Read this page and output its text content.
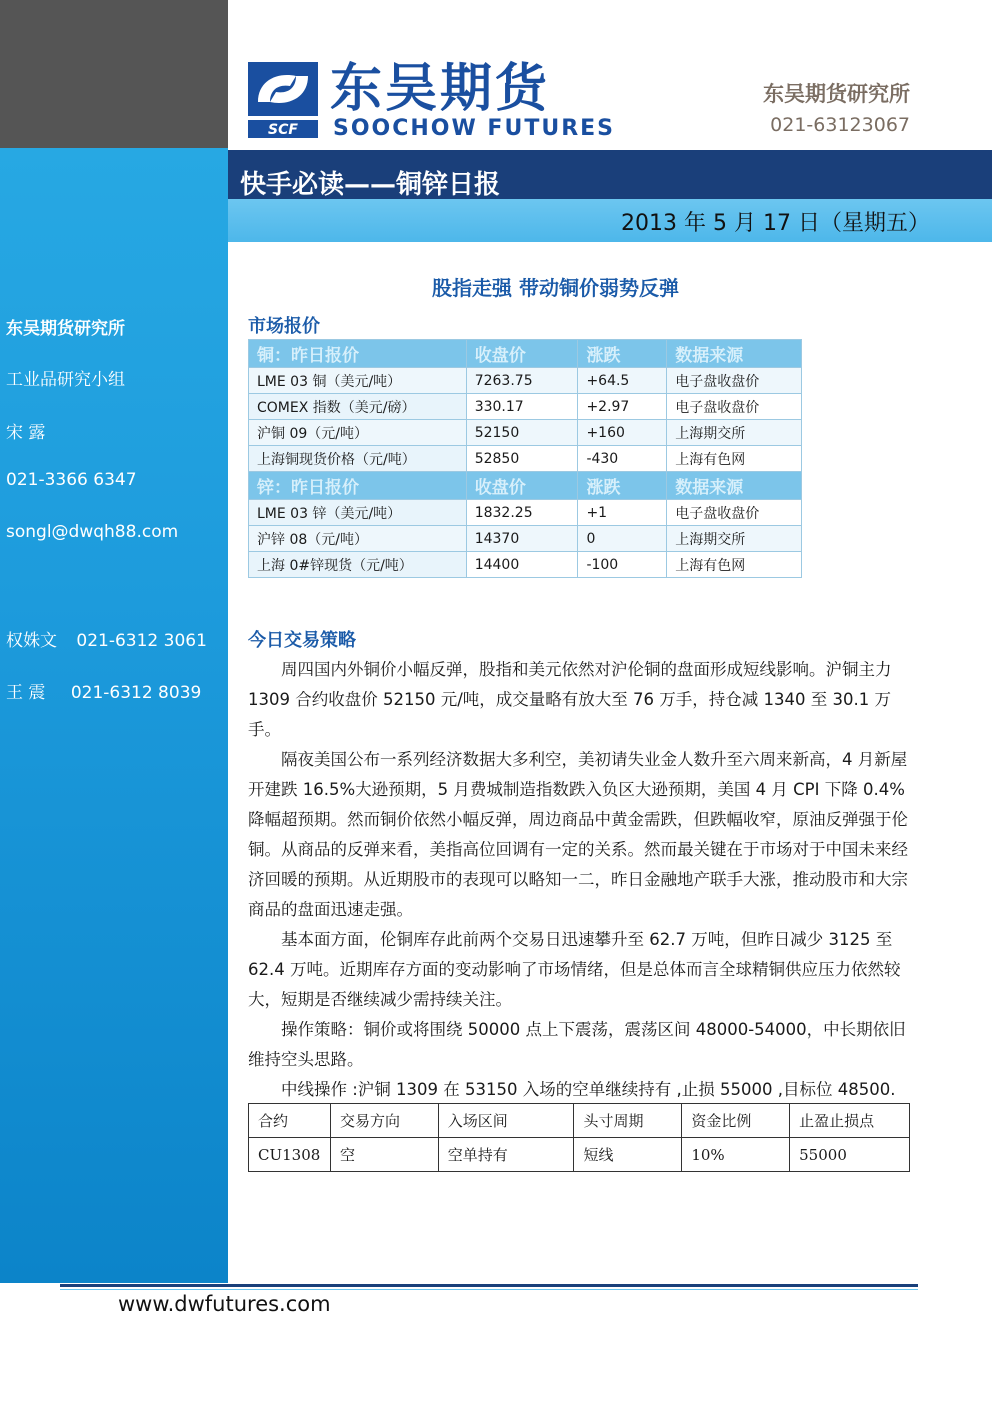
东吴期货研究所
工业品研究小组
宋 露
021-3366 6347
songl@dwqh88.com
权姝文 021-6312 3061
王 震 021-6312 8039
SCF
东吴期货
SOOCHOW FUTURES
东吴期货研究所
021-63123067
快手必读——铜锌日报
2013 年 5 月 17 日（星期五）
股指走强 带动铜价弱势反弹
市场报价
铜：昨日报价	收盘价	涨跌	数据来源
LME 03 铜（美元/吨）	7263.75	+64.5	电子盘收盘价
COMEX 指数（美元/磅）	330.17	+2.97	电子盘收盘价
沪铜 09（元/吨）	52150	+160	上海期交所
上海铜现货价格（元/吨）	52850	-430	上海有色网
锌：昨日报价	收盘价	涨跌	数据来源
LME 03 锌（美元/吨）	1832.25	+1	电子盘收盘价
沪锌 08（元/吨）	14370	0	上海期交所
上海 0#锌现货（元/吨）	14400	-100	上海有色网
今日交易策略

周四国内外铜价小幅反弹，股指和美元依然对沪伦铜的盘面形成短线影响。沪铜主力 1309 合约收盘价 52150 元/吨，成交量略有放大至 76 万手，持仓减 1340 至 30.1 万手。

隔夜美国公布一系列经济数据大多利空，美初请失业金人数升至六周来新高，4 月新屋开建跌 16.5%大逊预期，5 月费城制造指数跌入负区大逊预期，美国 4 月 CPI 下降 0.4%降幅超预期。然而铜价依然小幅反弹，周边商品中黄金需跌，但跌幅收窄，原油反弹强于伦铜。从商品的反弹来看，美指高位回调有一定的关系。然而最关键在于市场对于中国未来经济回暖的预期。从近期股市的表现可以略知一二，昨日金融地产联手大涨，推动股市和大宗商品的盘面迅速走强。

基本面方面，伦铜库存此前两个交易日迅速攀升至 62.7 万吨，但昨日减少 3125 至 62.4 万吨。近期库存方面的变动影响了市场情绪，但是总体而言全球精铜供应压力依然较大，短期是否继续减少需持续关注。

操作策略：铜价或将围绕 50000 点上下震荡，震荡区间 48000-54000，中长期依旧维持空头思路。

中线操作 :沪铜 1309 在 53150 入场的空单继续持有 ,止损 55000 ,目标位 48500.

合约	交易方向	入场区间	头寸周期	资金比例	止盈止损点
CU1308	空	空单持有	短线	10%	55000
www.dwfutures.com
